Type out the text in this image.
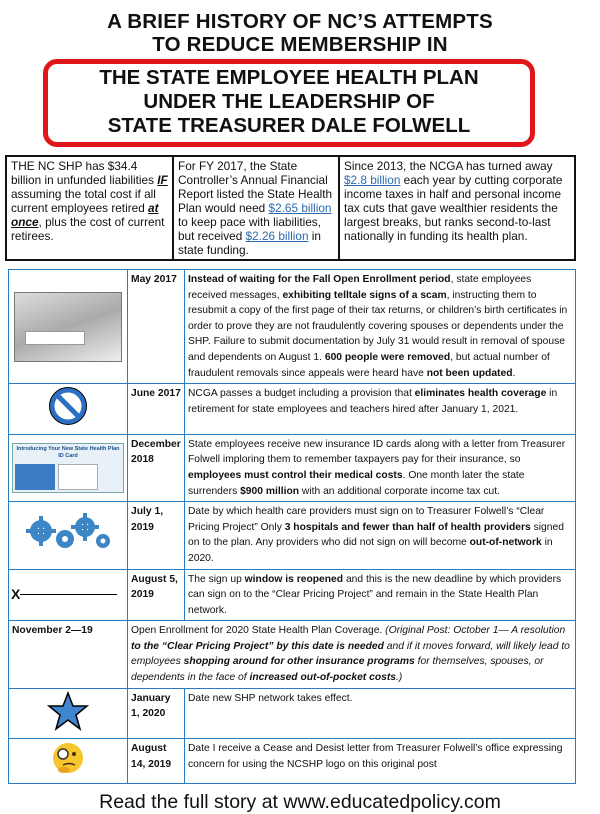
A BRIEF HISTORY OF NC’S ATTEMPTS
TO REDUCE MEMBERSHIP IN
THE STATE EMPLOYEE HEALTH PLAN
UNDER THE LEADERSHIP OF
STATE TREASURER DALE FOLWELL
THE NC SHP has $34.4 billion in unfunded liabilities IF assuming the total cost if all current employees retired at once, plus the cost of current retirees.
For FY 2017, the State Controller’s Annual Financial Report listed the State Health Plan would need $2.65 billion to keep pace with liabilities, but received $2.26 billion in state funding.
Since 2013, the NCGA has turned away $2.8 billion each year by cutting corporate income taxes in half and personal income tax cuts that gave wealthier residents the largest breaks, but ranks second-to-last nationally in funding its health plan.
	May 2017	Instead of waiting for the Fall Open Enrollment period, state employees received messages, exhibiting telltale signs of a scam, instructing them to resubmit a copy of the first page of their tax returns, or children’s birth certificates in order to prove they are not fraudulently covering spouses or dependents under the SHP. Failure to submit documentation by July 31 would result in removal of spouse and dependents on August 1. 600 people were removed, but actual number of fraudulent removals since appeals were heard have not been updated.
	June 2017	NCGA passes a budget including a provision that eliminates health coverage in retirement for state employees and teachers hired after January 1, 2021.

Introducing Your New State Health Plan ID Card	December 2018	State employees receive new insurance ID cards along with a letter from Treasurer Folwell imploring them to remember taxpayers pay for their insurance, so employees must control their medical costs. One month later the state surrenders $900 million with an additional corporate income tax cut.
	July 1, 2019	Date by which health care providers must sign on to Treasurer Folwell’s “Clear Pricing Project” Only 3 hospitals and fewer than half of health providers signed on to the plan. Any providers who did not sign on will become out-of-network in 2020.

X	August 5, 2019	The sign up window is reopened and this is the new deadline by which providers can sign on to the “Clear Pricing Project” and remain in the State Health Plan network.
November 2—19	Open Enrollment for 2020 State Health Plan Coverage. (Original Post: October 1— A resolution to the “Clear Pricing Project” by this date is needed and if it moves forward, will likely lead to employees shopping around for other insurance programs for themselves, spouses, or dependents in the face of increased out-of-pocket costs.)	
	January 1, 2020	Date new SHP network takes effect.
	August 14, 2019	Date I receive a Cease and Desist letter from Treasurer Folwell’s office expressing concern for using the NCSHP logo on this original post
Read the full story at www.educatedpolicy.com
